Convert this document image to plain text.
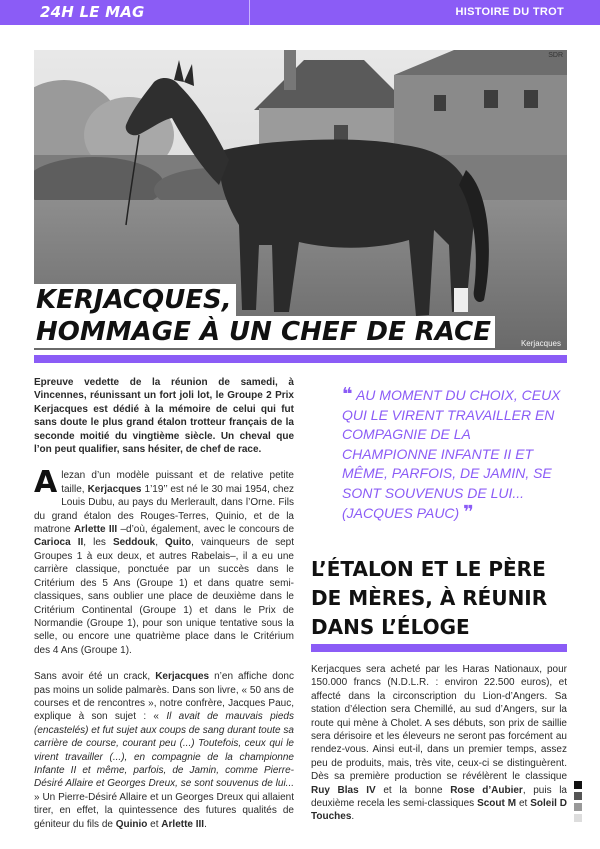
24H LE MAG	HISTOIRE DU TROT
SDR
Kerjacques
KERJACQUES,
HOMMAGE À UN CHEF DE RACE

Epreuve vedette de la réunion de samedi, à Vincennes, réunissant un fort joli lot, le Groupe 2 Prix Kerjacques est dédié à la mémoire de celui qui fut sans doute le plus grand étalon trotteur français de la seconde moitié du vingtième siècle. Un cheval que l’on peut qualifier, sans hésiter, de chef de race.

Alezan d’un modèle puissant et de relative petite taille, Kerjacques 1’19’’ est né le 30 mai 1954, chez Louis Dubu, au pays du Merlerault, dans l’Orne. Fils du grand étalon des Rouges-Terres, Quinio, et de la matrone Arlette III –d’où, également, avec le concours de Carioca II, les Seddouk, Quito, vainqueurs de sept Groupes 1 à eux deux, et autres Rabelais–, il a eu une carrière classique, ponctuée par un succès dans le Critérium des 5 Ans (Groupe 1) et dans quatre semi-classiques, sans oublier une place de deuxième dans le Critérium Continental (Groupe 1) et dans le Prix de Normandie (Groupe 1), pour son unique tentative sous la selle, ou encore une quatrième place dans le Critérium des 4 Ans (Groupe 1).

Sans avoir été un crack, Kerjacques n’en affiche donc pas moins un solide palmarès. Dans son livre, « 50 ans de courses et de rencontres », notre confrère, Jacques Pauc, explique à son sujet : « Il avait de mauvais pieds (encastelés) et fut sujet aux coups de sang durant toute sa carrière de course, courant peu (...) Toutefois, ceux qui le virent travailler (...), en compagnie de la championne Infante II et même, parfois, de Jamin, comme Pierre-Désiré Allaire et Georges Dreux, se sont souvenus de lui... » Un Pierre-Désiré Allaire et un Georges Dreux qui allaient tirer, en effet, la quintessence des futures qualités de géniteur du fils de Quinio et Arlette III.

❝ AU MOMENT DU CHOIX, CEUX QUI LE VIRENT TRAVAILLER EN COMPAGNIE DE LA CHAMPIONNE INFANTE II ET MÊME, PARFOIS, DE JAMIN, SE SONT SOUVENUS DE LUI... (JACQUES PAUC) ❞
L’ÉTALON ET LE PÈRE DE MÈRES, À RÉUNIR DANS L’ÉLOGE

Kerjacques sera acheté par les Haras Nationaux, pour 150.000 francs (N.D.L.R. : environ 22.500 euros), et affecté dans la circonscription du Lion-d’Angers. Sa station d’élection sera Chemillé, au sud d’Angers, sur la route qui mène à Cholet. A ses débuts, son prix de saillie sera dérisoire et les éleveurs ne seront pas forcément au rendez-vous. Ainsi eut-il, dans un premier temps, assez peu de produits, mais, très vite, ceux-ci se distinguèrent. Dès sa première production se révélèrent le classique Ruy Blas IV et la bonne Rose d’Aubier, puis la deuxième recela les semi-classiques Scout M et Soleil D Touches.
